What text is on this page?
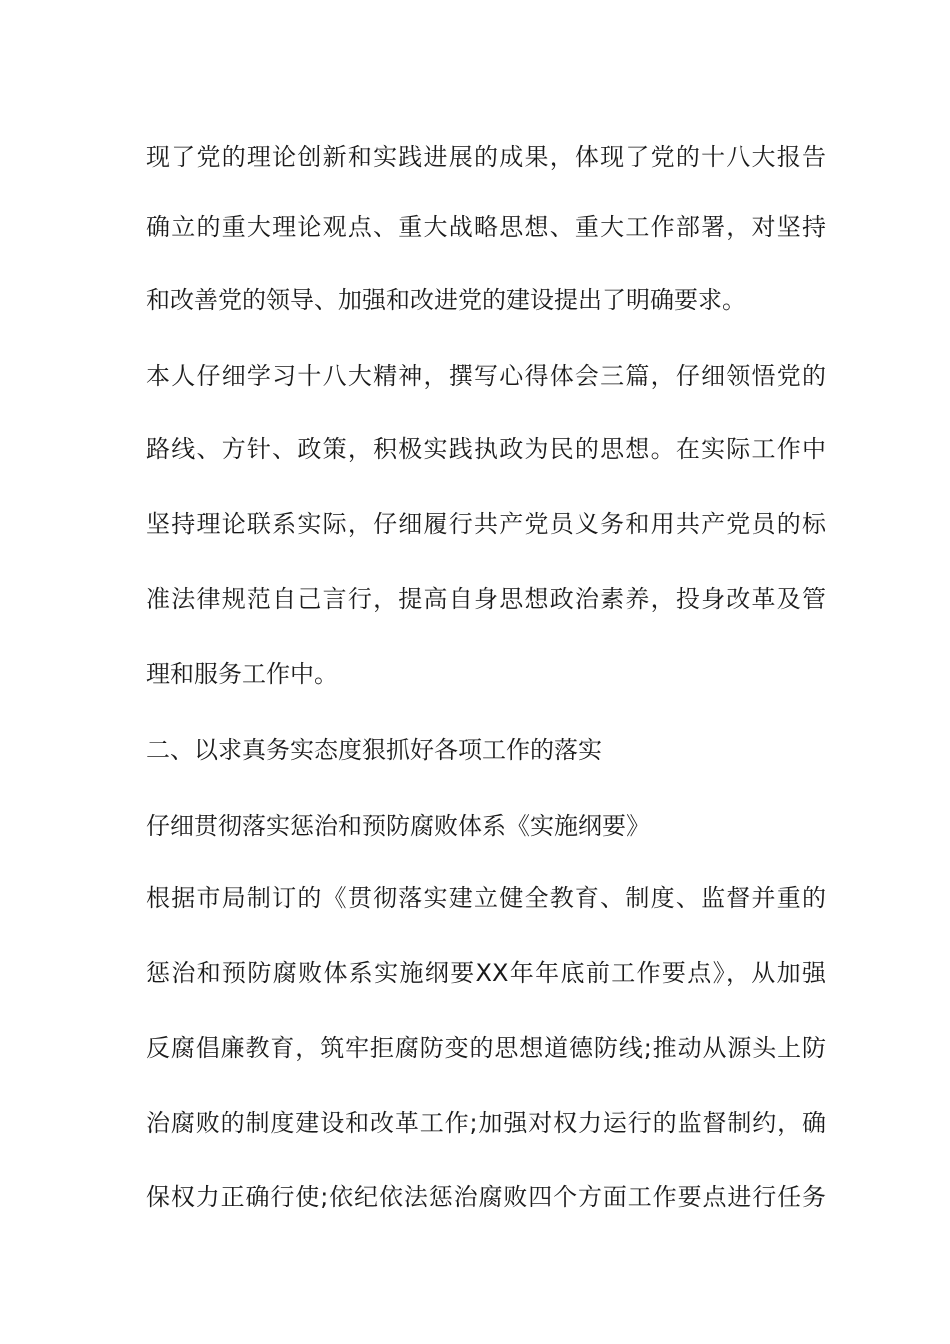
现了党的理论创新和实践进展的成果，体现了党的十八大报告
确立的重大理论观点、重大战略思想、重大工作部署，对坚持
和改善党的领导、加强和改进党的建设提出了明确要求。
本人仔细学习十八大精神，撰写心得体会三篇，仔细领悟党的
路线、方针、政策，积极实践执政为民的思想。在实际工作中
坚持理论联系实际，仔细履行共产党员义务和用共产党员的标
准法律规范自己言行，提高自身思想政治素养，投身改革及管
理和服务工作中。
二、以求真务实态度狠抓好各项工作的落实
仔细贯彻落实惩治和预防腐败体系《实施纲要》
根据市局制订的《贯彻落实建立健全教育、制度、监督并重的
惩治和预防腐败体系实施纲要XX年年底前工作要点》，从加强
反腐倡廉教育，筑牢拒腐防变的思想道德防线;推动从源头上防
治腐败的制度建设和改革工作;加强对权力运行的监督制约，确
保权力正确行使;依纪依法惩治腐败四个方面工作要点进行任务
